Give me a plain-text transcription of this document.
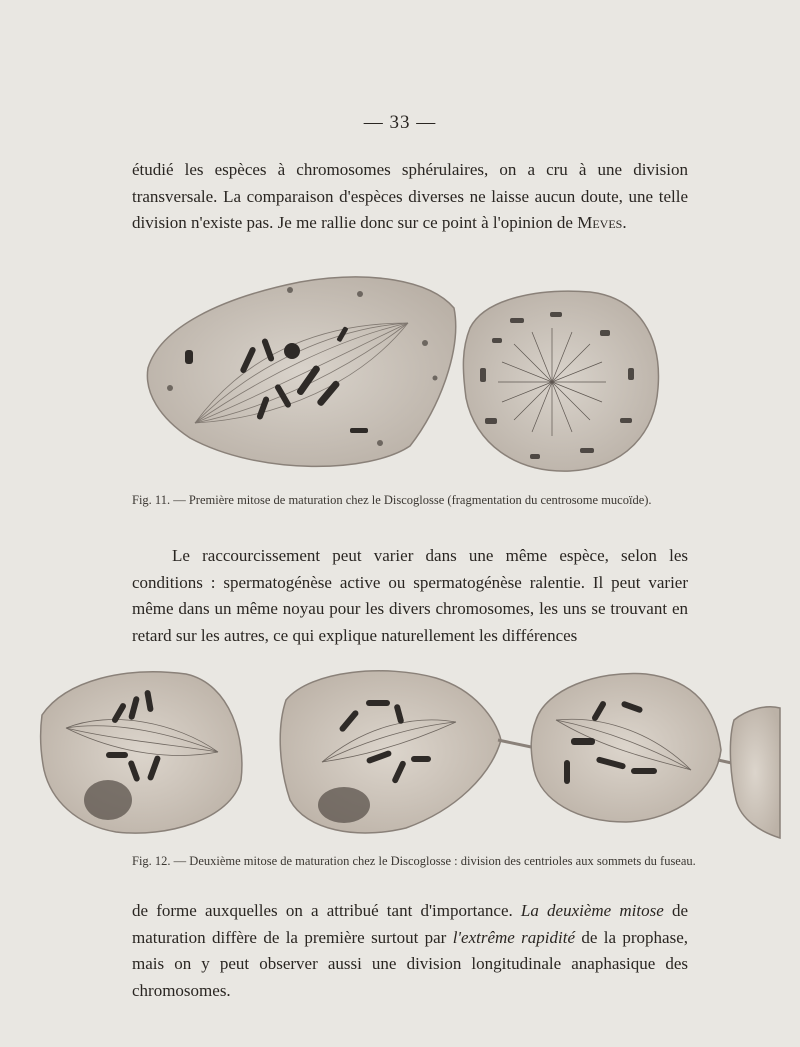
— 33 —

étudié les espèces à chromosomes sphérulaires, on a cru à une division transversale. La comparaison d'espèces diverses ne laisse aucun doute, une telle division n'existe pas. Je me rallie donc sur ce point à l'opinion de Meves.

Fig. 11. — Première mitose de maturation chez le Discoglosse (fragmentation du centrosome mucoïde).

Le raccourcissement peut varier dans une même espèce, selon les conditions : spermatogénèse active ou spermatogénèse ralentie. Il peut varier même dans un même noyau pour les divers chromosomes, les uns se trouvant en retard sur les autres, ce qui explique naturellement les différences

Fig. 12. — Deuxième mitose de maturation chez le Discoglosse : division des centrioles aux sommets du fuseau.

de forme auxquelles on a attribué tant d'importance. La deuxième mitose de maturation diffère de la première surtout par l'extrême rapidité de la prophase, mais on y peut observer aussi une division longitudinale anaphasique des chromosomes.
